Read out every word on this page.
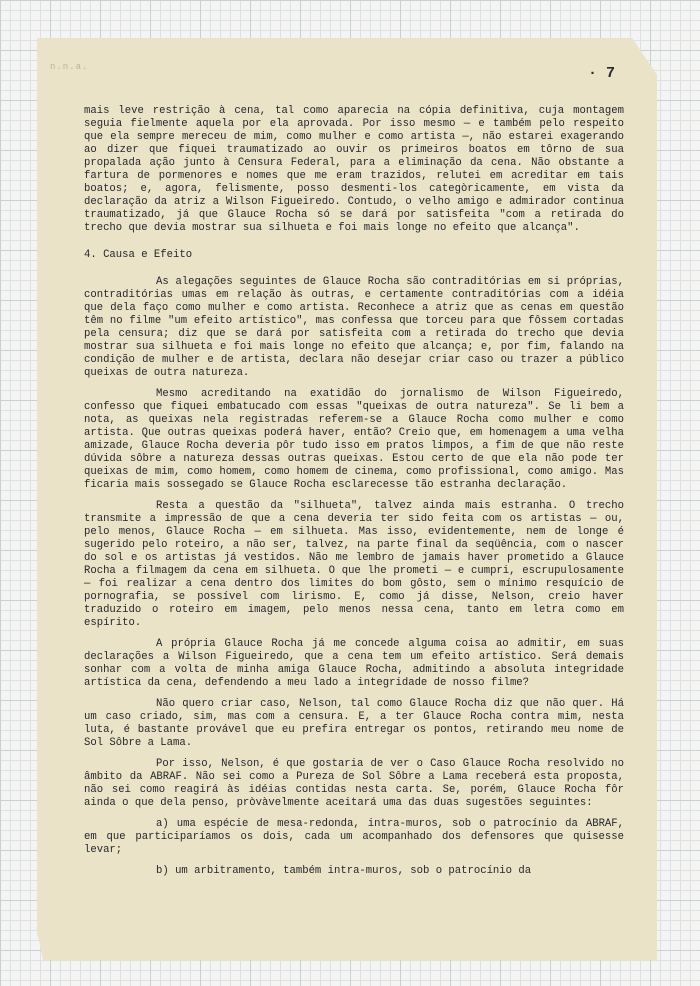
n.n.a.	· 7

mais leve restrição à cena, tal como aparecia na cópia definitiva, cuja montagem seguia fielmente aquela por ela aprovada. Por isso mesmo — e também pelo respeito que ela sempre mereceu de mim, como mulher e como artista —, não estarei exagerando ao dizer que fiquei traumatizado ao ouvir os primeiros boatos em tôrno de sua propalada ação junto à Censura Federal, para a eliminação da cena. Não obstante a fartura de pormenores e nomes que me eram trazidos, relutei em acreditar em tais boatos; e, agora, felismente, posso desmenti-los categòricamente, em vista da declaração da atriz a Wilson Figueiredo. Contudo, o velho amigo e admirador continua traumatizado, já que Glauce Rocha só se dará por satisfeita "com a retirada do trecho que devia mostrar sua silhueta e foi mais longe no efeito que alcança".

4. Causa e Efeito

As alegações seguintes de Glauce Rocha são contraditórias em si próprias, contraditórias umas em relação às outras, e certamente contraditórias com a idéia que dela faço como mulher e como artista. Reconhece a atriz que as cenas em questão têm no filme "um efeito artístico", mas confessa que torceu para que fôssem cortadas pela censura; diz que se dará por satisfeita com a retirada do trecho que devia mostrar sua silhueta e foi mais longe no efeito que alcança; e, por fim, falando na condição de mulher e de artista, declara não desejar criar caso ou trazer a público queixas de outra natureza.

Mesmo acreditando na exatidão do jornalismo de Wilson Figueiredo, confesso que fiquei embatucado com essas "queixas de outra natureza". Se li bem a nota, as queixas nela registradas referem-se a Glauce Rocha como mulher e como artista. Que outras queixas poderá haver, então? Creio que, em homenagem a uma velha amizade, Glauce Rocha deveria pôr tudo isso em pratos limpos, a fim de que não reste dúvida sôbre a natureza dessas outras queixas. Estou certo de que ela não pode ter queixas de mim, como homem, como homem de cinema, como profissional, como amigo. Mas ficaria mais sossegado se Glauce Rocha esclarecesse tão estranha declaração.

Resta a questão da "silhueta", talvez ainda mais estranha. O trecho transmite a impressão de que a cena deveria ter sido feita com os artistas — ou, pelo menos, Glauce Rocha — em silhueta. Mas isso, evidentemente, nem de longe é sugerido pelo roteiro, a não ser, talvez, na parte final da seqüência, com o nascer do sol e os artistas já vestidos. Não me lembro de jamais haver prometido a Glauce Rocha a filmagem da cena em silhueta. O que lhe prometi — e cumpri, escrupulosamente — foi realizar a cena dentro dos limites do bom gôsto, sem o mínimo resquício de pornografia, se possível com lirismo. E, como já disse, Nelson, creio haver traduzido o roteiro em imagem, pelo menos nessa cena, tanto em letra como em espírito.

A própria Glauce Rocha já me concede alguma coisa ao admitir, em suas declarações a Wilson Figueiredo, que a cena tem um efeito artístico. Será demais sonhar com a volta de minha amiga Glauce Rocha, admitindo a absoluta integridade artística da cena, defendendo a meu lado a integridade de nosso filme?

Não quero criar caso, Nelson, tal como Glauce Rocha diz que não quer. Há um caso criado, sim, mas com a censura. E, a ter Glauce Rocha contra mim, nesta luta, é bastante provável que eu prefira entregar os pontos, retirando meu nome de Sol Sôbre a Lama.

Por isso, Nelson, é que gostaria de ver o Caso Glauce Rocha resolvido no âmbito da ABRAF. Não sei como a Pureza de Sol Sôbre a Lama receberá esta proposta, não sei como reagirá às idéias contidas nesta carta. Se, porém, Glauce Rocha fôr ainda o que dela penso, pròvàvelmente aceitará uma das duas sugestões seguintes:

a) uma espécie de mesa-redonda, intra-muros, sob o patrocínio da ABRAF, em que participaríamos os dois, cada um acompanhado dos defensores que quisesse levar;

b) um arbitramento, também intra-muros, sob o patrocínio da
